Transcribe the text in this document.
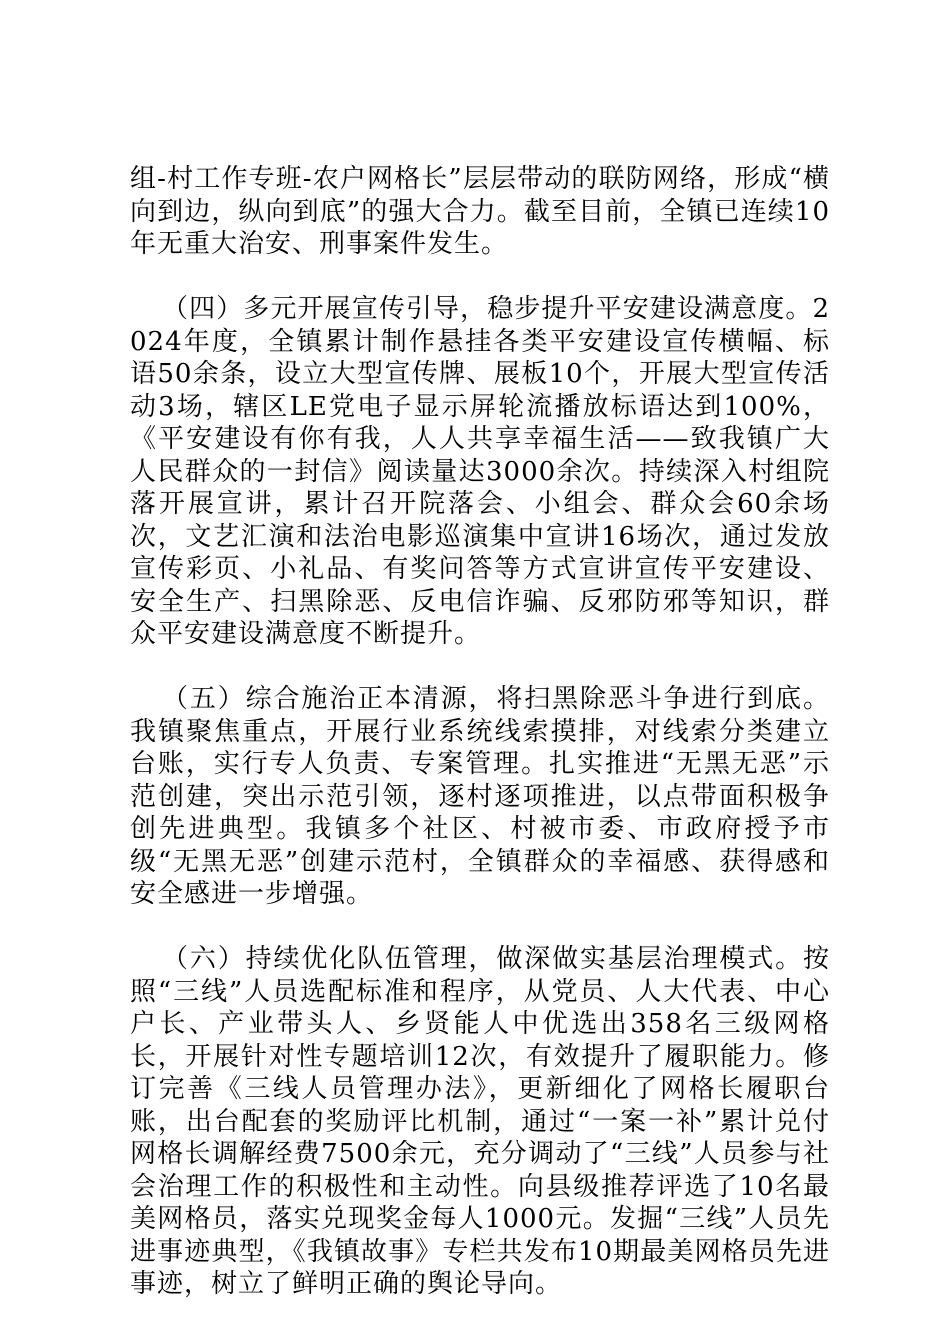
组-村工作专班-农户网格长”层层带动的联防网络，形成“横向到边，纵向到底”的强大合力。截至目前，全镇已连续10年无重大治安、刑事案件发生。

（四）多元开展宣传引导，稳步提升平安建设满意度。2024年度，全镇累计制作悬挂各类平安建设宣传横幅、标语50余条，设立大型宣传牌、展板10个，开展大型宣传活动3场，辖区LE党电子显示屏轮流播放标语达到100%，《平安建设有你有我，人人共享幸福生活——致我镇广大人民群众的一封信》阅读量达3000余次。持续深入村组院落开展宣讲，累计召开院落会、小组会、群众会60余场次，文艺汇演和法治电影巡演集中宣讲16场次，通过发放宣传彩页、小礼品、有奖问答等方式宣讲宣传平安建设、安全生产、扫黑除恶、反电信诈骗、反邪防邪等知识，群众平安建设满意度不断提升。

（五）综合施治正本清源，将扫黑除恶斗争进行到底。我镇聚焦重点，开展行业系统线索摸排，对线索分类建立台账，实行专人负责、专案管理。扎实推进“无黑无恶”示范创建，突出示范引领，逐村逐项推进，以点带面积极争创先进典型。我镇多个社区、村被市委、市政府授予市级“无黑无恶”创建示范村，全镇群众的幸福感、获得感和安全感进一步增强。

（六）持续优化队伍管理，做深做实基层治理模式。按照“三线”人员选配标准和程序，从党员、人大代表、中心户长、产业带头人、乡贤能人中优选出358名三级网格长，开展针对性专题培训12次，有效提升了履职能力。修订完善《三线人员管理办法》，更新细化了网格长履职台账，出台配套的奖励评比机制，通过“一案一补”累计兑付网格长调解经费7500余元，充分调动了“三线”人员参与社会治理工作的积极性和主动性。向县级推荐评选了10名最美网格员，落实兑现奖金每人1000元。发掘“三线”人员先进事迹典型，《我镇故事》专栏共发布10期最美网格员先进事迹，树立了鲜明正确的舆论导向。
